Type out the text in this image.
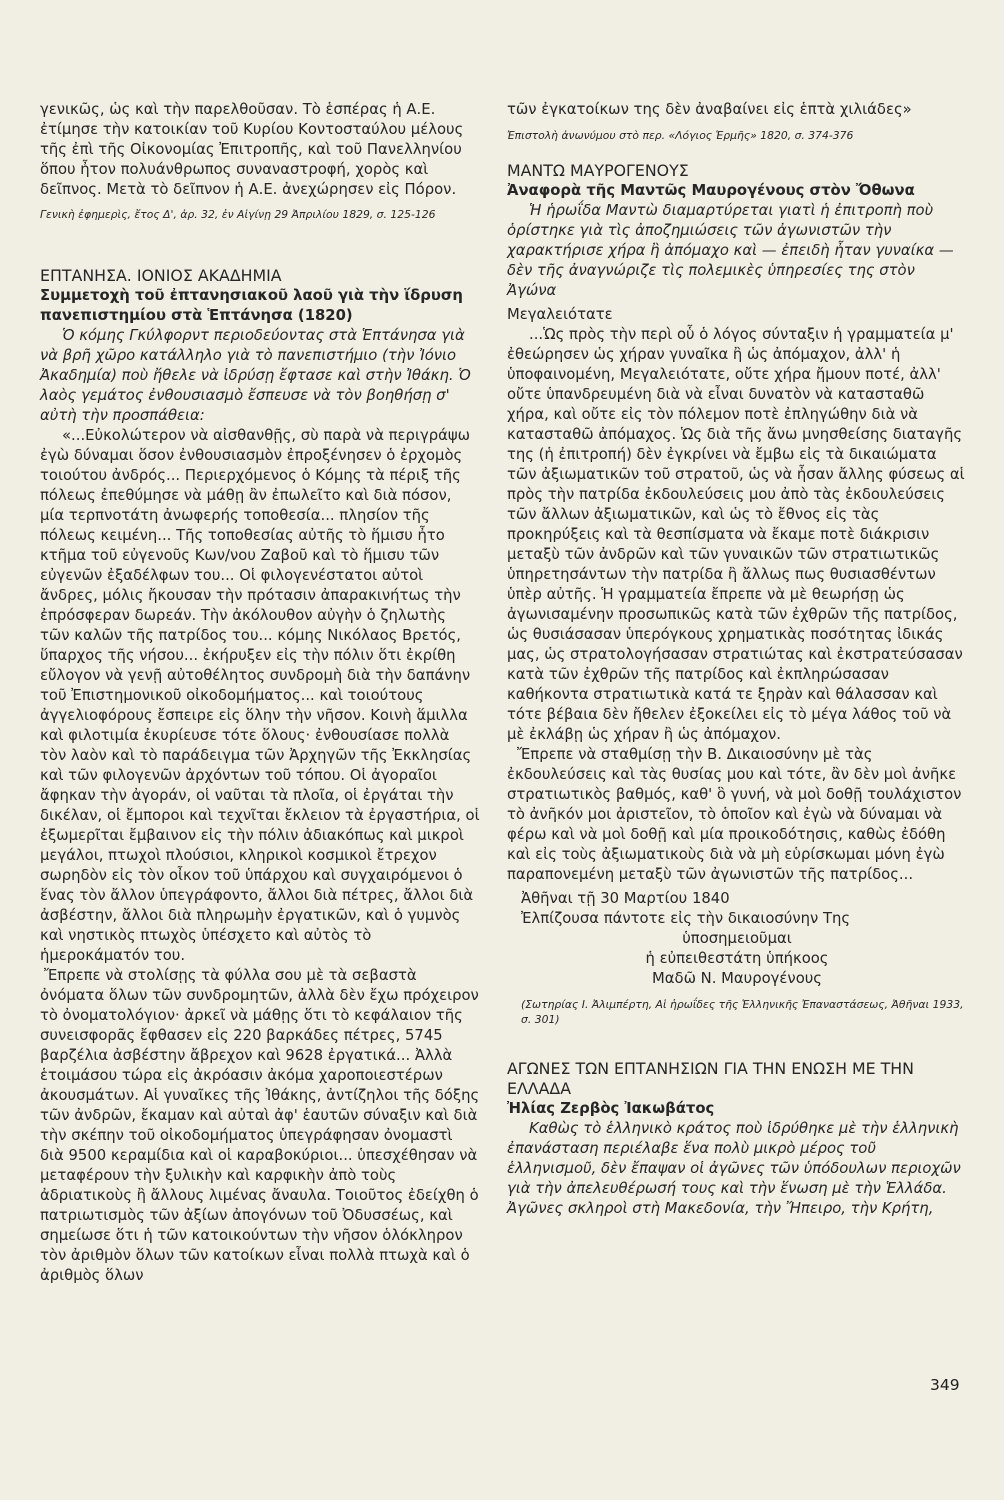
γενικῶς, ὡς καὶ τὴν παρελθοῦσαν. Τὸ ἑσπέρας ἡ Α.Ε. ἐτίμησε τὴν κατοικίαν τοῦ Κυρίου Κοντοσταύλου μέλους τῆς ἐπὶ τῆς Οἰκονομίας Ἐπιτροπῆς, καὶ τοῦ Πανελληνίου ὅπου ἦτον πολυάνθρωπος συναναστροφή, χορὸς καὶ δεῖπνος. Μετὰ τὸ δεῖπνον ἡ Α.Ε. ἀνεχώρησεν εἰς Πόρον.

Γενικὴ ἐφημερὶς, ἔτος Δ', ἀρ. 32, ἐν Αἰγίνῃ 29 Ἀπριλίου 1829, σ. 125-126

ΕΠΤΑΝΗΣΑ. ΙΟΝΙΟΣ ΑΚΑΔΗΜΙΑ

Συμμετοχὴ τοῦ ἐπτανησιακοῦ λαοῦ γιὰ τὴν ἵδρυση πανεπιστημίου στὰ Ἑπτάνησα (1820)

Ὁ κόμης Γκύλφορντ περιοδεύοντας στὰ Ἑπτάνησα γιὰ νὰ βρῆ χῶρο κατάλληλο γιὰ τὸ πανεπιστήμιο (τὴν Ἰόνιο Ἀκαδημία) ποὺ ἤθελε νὰ ἱδρύσῃ ἔφτασε καὶ στὴν Ἰθάκη. Ὁ λαὸς γεμάτος ἐνθουσιασμὸ ἔσπευσε νὰ τὸν βοηθήσῃ σ' αὐτὴ τὴν προσπάθεια:

«...Εὐκολώτερον νὰ αἰσθανθῇς, σὺ παρὰ νὰ περιγράψω ἐγὼ δύναμαι ὅσον ἐνθουσιασμὸν ἐπροξένησεν ὁ ἐρχομὸς τοιούτου ἀνδρός... Περιερχόμενος ὁ Κόμης τὰ πέριξ τῆς πόλεως ἐπεθύμησε νὰ μάθῃ ἂν ἐπωλεῖτο καὶ διὰ πόσον, μία τερπνοτάτη ἀνωφερής τοποθεσία... πλησίον τῆς πόλεως κειμένη... Τῆς τοποθεσίας αὐτῆς τὸ ἥμισυ ἦτο κτῆμα τοῦ εὐγενοῦς Κων/νου Ζαβοῦ καὶ τὸ ἥμισυ τῶν εὐγενῶν ἐξαδέλφων του... Οἱ φιλογενέστατοι αὐτοὶ ἄνδρες, μόλις ἤκουσαν τὴν πρότασιν ἀπαρακινήτως τὴν ἐπρόσφεραν δωρεάν. Τὴν ἀκόλουθον αὐγὴν ὁ ζηλωτὴς τῶν καλῶν τῆς πατρίδος του... κόμης Νικόλαος Βρετός, ὕπαρχος τῆς νήσου... ἐκήρυξεν εἰς τὴν πόλιν ὅτι ἐκρίθη εὔλογον νὰ γενῇ αὐτοθέλητος συνδρομὴ διὰ τὴν δαπάνην τοῦ Ἐπιστημονικοῦ οἰκοδομήματος... καὶ τοιούτους ἀγγελιοφόρους ἔσπειρε εἰς ὅλην τὴν νῆσον. Κοινὴ ἅμιλλα καὶ φιλοτιμία ἐκυρίευσε τότε ὅλους· ἐνθουσίασε πολλὰ τὸν λαὸν καὶ τὸ παράδειγμα τῶν Ἀρχηγῶν τῆς Ἐκκλησίας καὶ τῶν φιλογενῶν ἀρχόντων τοῦ τόπου. Οἱ ἀγοραῖοι ἄφηκαν τὴν ἀγοράν, οἱ ναῦται τὰ πλοῖα, οἱ ἐργάται τὴν δικέλαν, οἱ ἔμποροι καὶ τεχνῖται ἔκλειον τὰ ἐργαστήρια, οἱ ἐξωμερῖται ἔμβαινον εἰς τὴν πόλιν ἀδιακόπως καὶ μικροὶ μεγάλοι, πτωχοὶ πλούσιοι, κληρικοὶ κοσμικοὶ ἔτρεχον σωρηδὸν εἰς τὸν οἶκον τοῦ ὑπάρχου καὶ συγχαιρόμενοι ὁ ἕνας τὸν ἄλλον ὑπεγράφοντο, ἄλλοι διὰ πέτρες, ἄλλοι διὰ ἀσβέστην, ἄλλοι διὰ πληρωμὴν ἐργατικῶν, καὶ ὁ γυμνὸς καὶ νηστικὸς πτωχὸς ὑπέσχετο καὶ αὐτὸς τὸ ἡμεροκάματόν του.

Ἔπρεπε νὰ στολίσῃς τὰ φύλλα σου μὲ τὰ σεβαστὰ ὀνόματα ὅλων τῶν συνδρομητῶν, ἀλλὰ δὲν ἔχω πρόχειρον τὸ ὀνοματολόγιον· ἀρκεῖ νὰ μάθῃς ὅτι τὸ κεφάλαιον τῆς συνεισφορᾶς ἔφθασεν εἰς 220 βαρκάδες πέτρες, 5745 βαρζέλια ἀσβέστην ἄβρεχον καὶ 9628 ἐργατικά... Ἀλλὰ ἑτοιμάσου τώρα εἰς ἀκρόασιν ἀκόμα χαροποιεστέρων ἀκουσμάτων. Αἱ γυναῖκες τῆς Ἰθάκης, ἀντίζηλοι τῆς δόξης τῶν ἀνδρῶν, ἔκαμαν καὶ αὐταὶ ἀφ' ἑαυτῶν σύναξιν καὶ διὰ τὴν σκέπην τοῦ οἰκοδομήματος ὑπεγράφησαν ὀνομαστὶ διὰ 9500 κεραμίδια καὶ οἱ καραβοκύριοι... ὑπεσχέθησαν νὰ μεταφέρουν τὴν ξυλικὴν καὶ καρφικὴν ἀπὸ τοὺς ἀδριατικοὺς ἢ ἄλλους λιμένας ἄναυλα. Τοιοῦτος ἐδείχθη ὁ πατριωτισμὸς τῶν ἀξίων ἀπογόνων τοῦ Ὀδυσσέως, καὶ σημείωσε ὅτι ἡ τῶν κατοικούντων τὴν νῆσον ὁλόκληρον τὸν ἀριθμὸν ὅλων τῶν κατοίκων εἶναι πολλὰ πτωχὰ καὶ ὁ ἀριθμὸς ὅλων

τῶν ἐγκατοίκων της δὲν ἀναβαίνει εἰς ἑπτὰ χιλιάδες»

Ἐπιστολὴ ἀνωνύμου στὸ περ. «Λόγιος Ἑρμῆς» 1820, σ. 374-376

ΜΑΝΤΩ ΜΑΥΡΟΓΕΝΟΥΣ

Ἀναφορὰ τῆς Μαντῶς Μαυρογένους στὸν Ὄθωνα

Ἡ ἡρωΐδα Μαντὼ διαμαρτύρεται γιατὶ ἡ ἐπιτροπὴ ποὺ ὁρίστηκε γιὰ τὶς ἀποζημιώσεις τῶν ἀγωνιστῶν τὴν χαρακτήρισε χήρα ἢ ἀπόμαχο καὶ — ἐπειδὴ ἦταν γυναίκα — δὲν τῆς ἀναγνώριζε τὶς πολεμικὲς ὑπηρεσίες της στὸν Ἀγώνα

Μεγαλειότατε

...Ὡς πρὸς τὴν περὶ οὗ ὁ λόγος σύνταξιν ἡ γραμματεία μ' ἐθεώρησεν ὡς χήραν γυναῖκα ἢ ὡς ἀπόμαχον, ἀλλ' ἡ ὑποφαινομένη, Μεγαλειότατε, οὔτε χήρα ἤμουν ποτέ, ἀλλ' οὔτε ὑπανδρευμένη διὰ νὰ εἶναι δυνατὸν νὰ κατασταθῶ χήρα, καὶ οὔτε εἰς τὸν πόλεμον ποτὲ ἐπληγώθην διὰ νὰ κατασταθῶ ἀπόμαχος. Ὡς διὰ τῆς ἄνω μνησθείσης διαταγῆς της (ἡ ἐπιτροπή) δὲν ἐγκρίνει νὰ ἔμβω εἰς τὰ δικαιώματα τῶν ἀξιωματικῶν τοῦ στρατοῦ, ὡς νὰ ἦσαν ἄλλης φύσεως αἱ πρὸς τὴν πατρίδα ἐκδουλεύσεις μου ἀπὸ τὰς ἐκδουλεύσεις τῶν ἄλλων ἀξιωματικῶν, καὶ ὡς τὸ ἔθνος εἰς τὰς προκηρύξεις καὶ τὰ θεσπίσματα νὰ ἔκαμε ποτὲ διάκρισιν μεταξὺ τῶν ἀνδρῶν καὶ τῶν γυναικῶν τῶν στρατιωτικῶς ὑπηρετησάντων τὴν πατρίδα ἢ ἄλλως πως θυσιασθέντων ὑπὲρ αὐτῆς. Ἡ γραμματεία ἔπρεπε νὰ μὲ θεωρήσῃ ὡς ἀγωνισαμένην προσωπικῶς κατὰ τῶν ἐχθρῶν τῆς πατρίδος, ὡς θυσιάσασαν ὑπερόγκους χρηματικὰς ποσότητας ἰδικάς μας, ὡς στρατολογήσασαν στρατιώτας καὶ ἐκστρατεύσασαν κατὰ τῶν ἐχθρῶν τῆς πατρίδος καὶ ἐκπληρώσασαν καθήκοντα στρατιωτικὰ κατά τε ξηρὰν καὶ θάλασσαν καὶ τότε βέβαια δὲν ἤθελεν ἐξοκείλει εἰς τὸ μέγα λάθος τοῦ νὰ μὲ ἐκλάβῃ ὡς χήραν ἢ ὡς ἀπόμαχον.

Ἔπρεπε νὰ σταθμίσῃ τὴν Β. Δικαιοσύνην μὲ τὰς ἐκδουλεύσεις καὶ τὰς θυσίας μου καὶ τότε, ἂν δὲν μοὶ ἀνῆκε στρατιωτικὸς βαθμός, καθ' ὃ γυνή, νὰ μοὶ δοθῇ τουλάχιστον τὸ ἀνῆκόν μοι ἀριστεῖον, τὸ ὁποῖον καὶ ἐγὼ νὰ δύναμαι νὰ φέρω καὶ νὰ μοὶ δοθῇ καὶ μία προικοδότησις, καθὼς ἐδόθη καὶ εἰς τοὺς ἀξιωματικοὺς διὰ νὰ μὴ εὑρίσκωμαι μόνη ἐγὼ παραπονεμένη μεταξὺ τῶν ἀγωνιστῶν τῆς πατρίδος...

Ἀθῆναι τῇ 30 Μαρτίου 1840

Ἐλπίζουσα πάντοτε εἰς τὴν δικαιοσύνην Της

ὑποσημειοῦμαι

ἡ εὐπειθεστάτη ὑπήκοος

Μαδῶ Ν. Μαυρογένους

(Σωτηρίας Ι. Ἀλιμπέρτη, Αἱ ἡρωΐδες τῆς Ἑλληνικῆς Ἐπαναστάσεως, Ἀθῆναι 1933, σ. 301)

ΑΓΩΝΕΣ ΤΩΝ ΕΠΤΑΝΗΣΙΩΝ ΓΙΑ ΤΗΝ ΕΝΩΣΗ ΜΕ ΤΗΝ ΕΛΛΑΔΑ

Ἠλίας Ζερβὸς Ἰακωβάτος

Καθὼς τὸ ἑλληνικὸ κράτος ποὺ ἱδρύθηκε μὲ τὴν ἑλληνικὴ ἐπανάσταση περιέλαβε ἕνα πολὺ μικρὸ μέρος τοῦ ἑλληνισμοῦ, δὲν ἔπαψαν οἱ ἀγῶνες τῶν ὑπόδουλων περιοχῶν γιὰ τὴν ἀπελευθέρωσή τους καὶ τὴν ἕνωση μὲ τὴν Ἑλλάδα. Ἀγῶνες σκληροὶ στὴ Μακεδονία, τὴν Ἤπειρο, τὴν Κρήτη,

349
